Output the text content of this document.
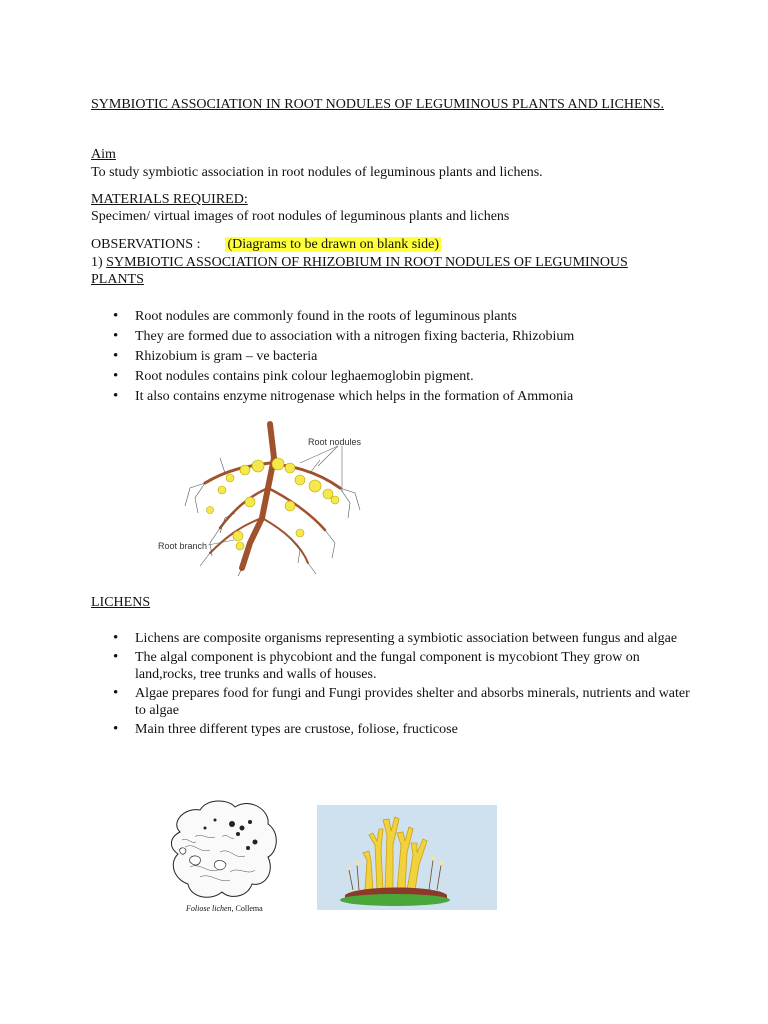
SYMBIOTIC ASSOCIATION IN ROOT NODULES OF LEGUMINOUS PLANTS AND LICHENS.
Aim
To study symbiotic association in root nodules of leguminous plants and lichens.
MATERIALS REQUIRED:
Specimen/ virtual images of root nodules of leguminous plants and lichens
OBSERVATIONS : (Diagrams to be drawn on blank side)
1) SYMBIOTIC ASSOCIATION OF RHIZOBIUM IN ROOT NODULES OF LEGUMINOUS PLANTS
• Root nodules are commonly found in the roots of leguminous plants
• They are formed due to association with a nitrogen fixing bacteria, Rhizobium
• Rhizobium is gram – ve bacteria
• Root nodules contains pink colour leghaemoglobin pigment.
• It also contains enzyme nitrogenase which helps in the formation of Ammonia
Root nodules
Root branch
LICHENS
• Lichens are composite organisms representing a symbiotic association between fungus and algae
• The algal component is phycobiont and the fungal component is mycobiont They grow on land,rocks, tree trunks and walls of houses.
• Algae prepares food for fungi and Fungi provides shelter and absorbs minerals, nutrients and water to algae
• Main three different types are crustose, foliose, fructicose
Foliose lichen, Collema
